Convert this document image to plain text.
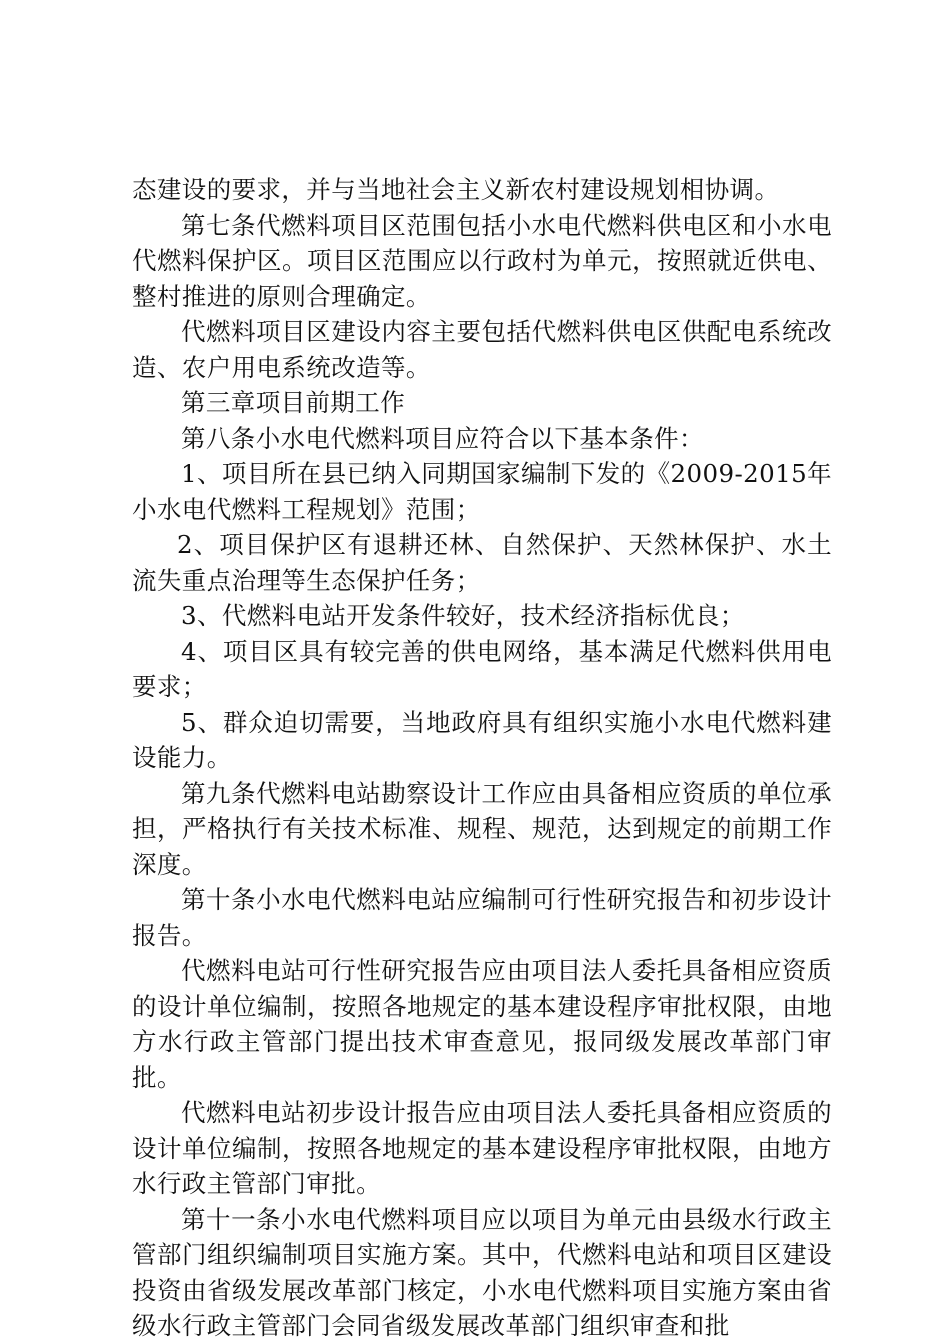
态建设的要求，并与当地社会主义新农村建设规划相协调。

第七条代燃料项目区范围包括小水电代燃料供电区和小水电代燃料保护区。项目区范围应以行政村为单元，按照就近供电、整村推进的原则合理确定。

代燃料项目区建设内容主要包括代燃料供电区供配电系统改造、农户用电系统改造等。

第三章项目前期工作

第八条小水电代燃料项目应符合以下基本条件：

1、项目所在县已纳入同期国家编制下发的《2009-2015年小水电代燃料工程规划》范围；

2、项目保护区有退耕还林、自然保护、天然林保护、水土流失重点治理等生态保护任务；

3、代燃料电站开发条件较好，技术经济指标优良；

4、项目区具有较完善的供电网络，基本满足代燃料供用电要求；

5、群众迫切需要，当地政府具有组织实施小水电代燃料建设能力。

第九条代燃料电站勘察设计工作应由具备相应资质的单位承担，严格执行有关技术标准、规程、规范，达到规定的前期工作深度。

第十条小水电代燃料电站应编制可行性研究报告和初步设计报告。

代燃料电站可行性研究报告应由项目法人委托具备相应资质的设计单位编制，按照各地规定的基本建设程序审批权限，由地方水行政主管部门提出技术审查意见，报同级发展改革部门审批。

代燃料电站初步设计报告应由项目法人委托具备相应资质的设计单位编制，按照各地规定的基本建设程序审批权限，由地方水行政主管部门审批。

第十一条小水电代燃料项目应以项目为单元由县级水行政主管部门组织编制项目实施方案。其中，代燃料电站和项目区建设投资由省级发展改革部门核定，小水电代燃料项目实施方案由省级水行政主管部门会同省级发展改革部门组织审查和批
